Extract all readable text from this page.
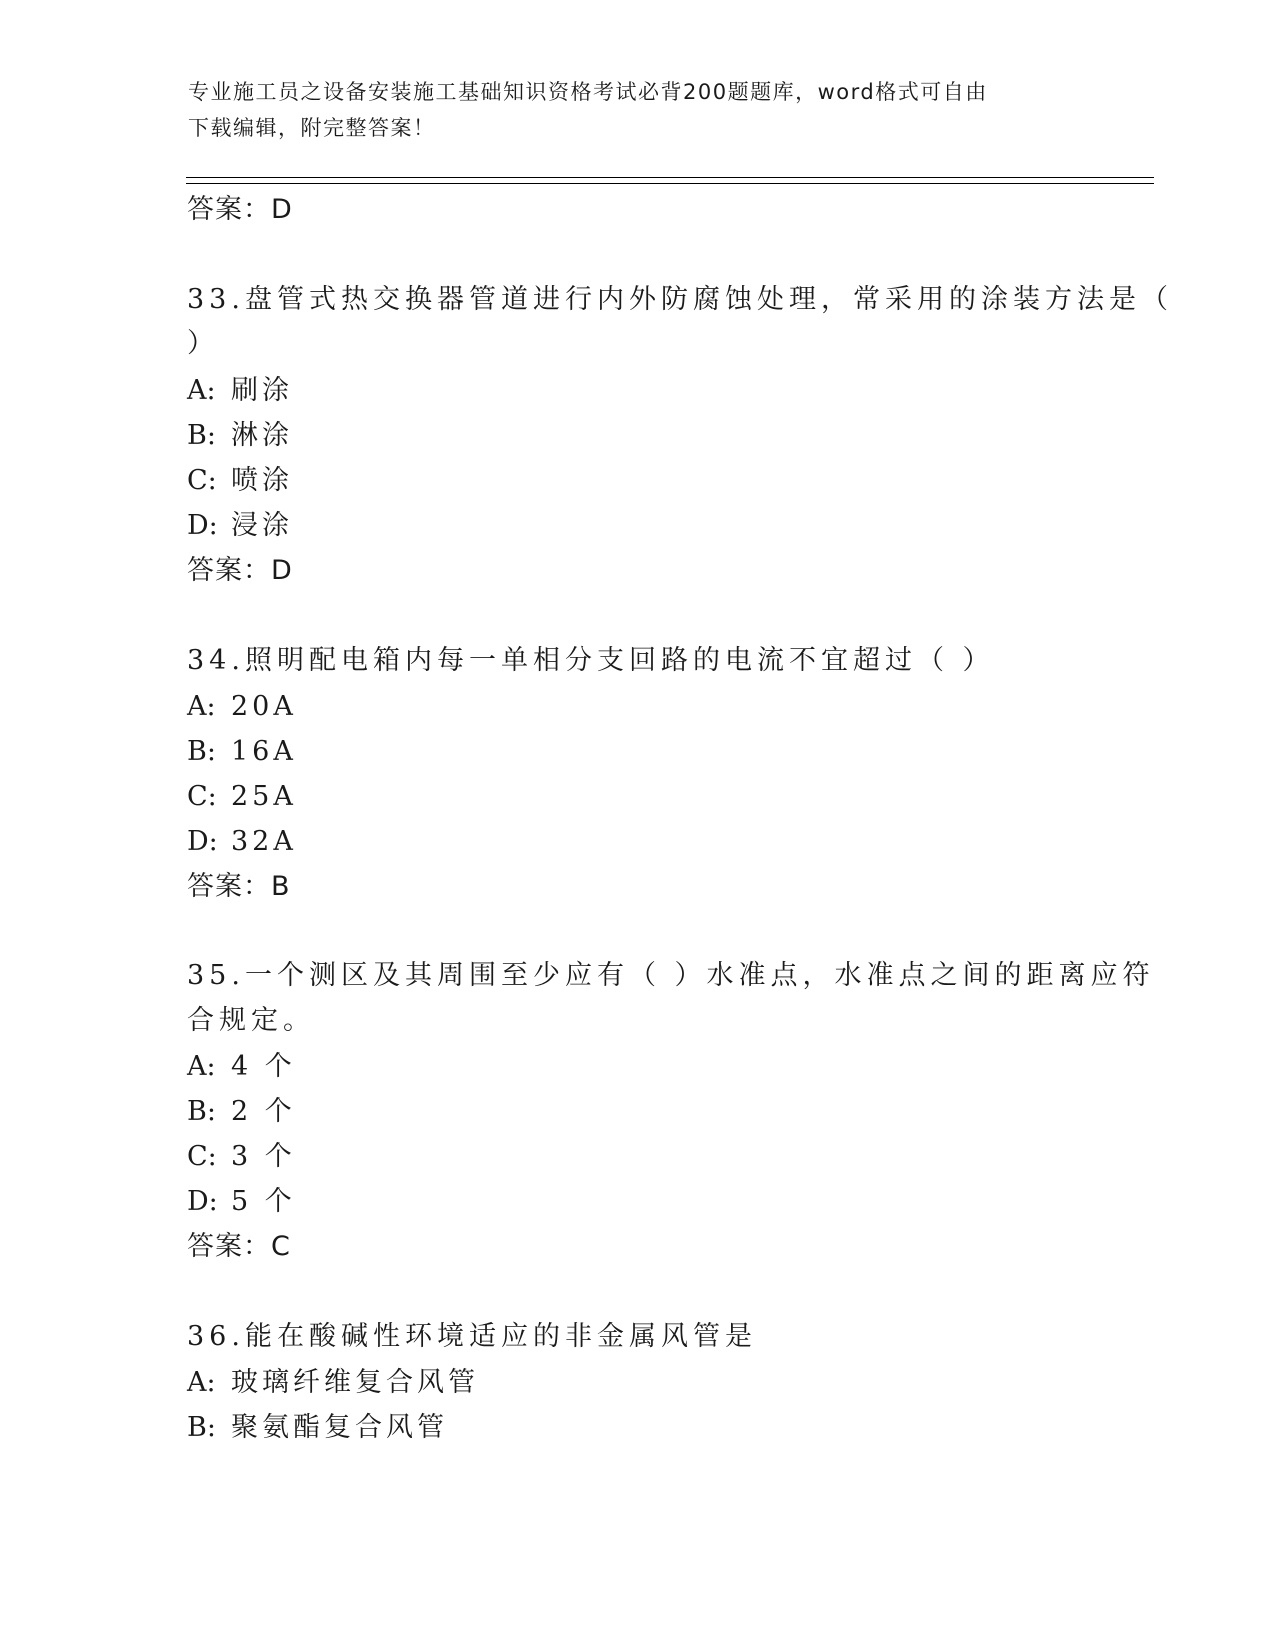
专业施工员之设备安装施工基础知识资格考试必背200题题库，word格式可自由
下载编辑，附完整答案！
答案：D
33.盘管式热交换器管道进行内外防腐蚀处理，常采用的涂装方法是（
）
A: 刷涂
B: 淋涂
C: 喷涂
D: 浸涂
答案：D
34.照明配电箱内每一单相分支回路的电流不宜超过（ ）
A: 20A
B: 16A
C: 25A
D: 32A
答案：B
35.一个测区及其周围至少应有（ ）水准点，水准点之间的距离应符
合规定。
A: 4 个
B: 2 个
C: 3 个
D: 5 个
答案：C
36.能在酸碱性环境适应的非金属风管是
A: 玻璃纤维复合风管
B: 聚氨酯复合风管
